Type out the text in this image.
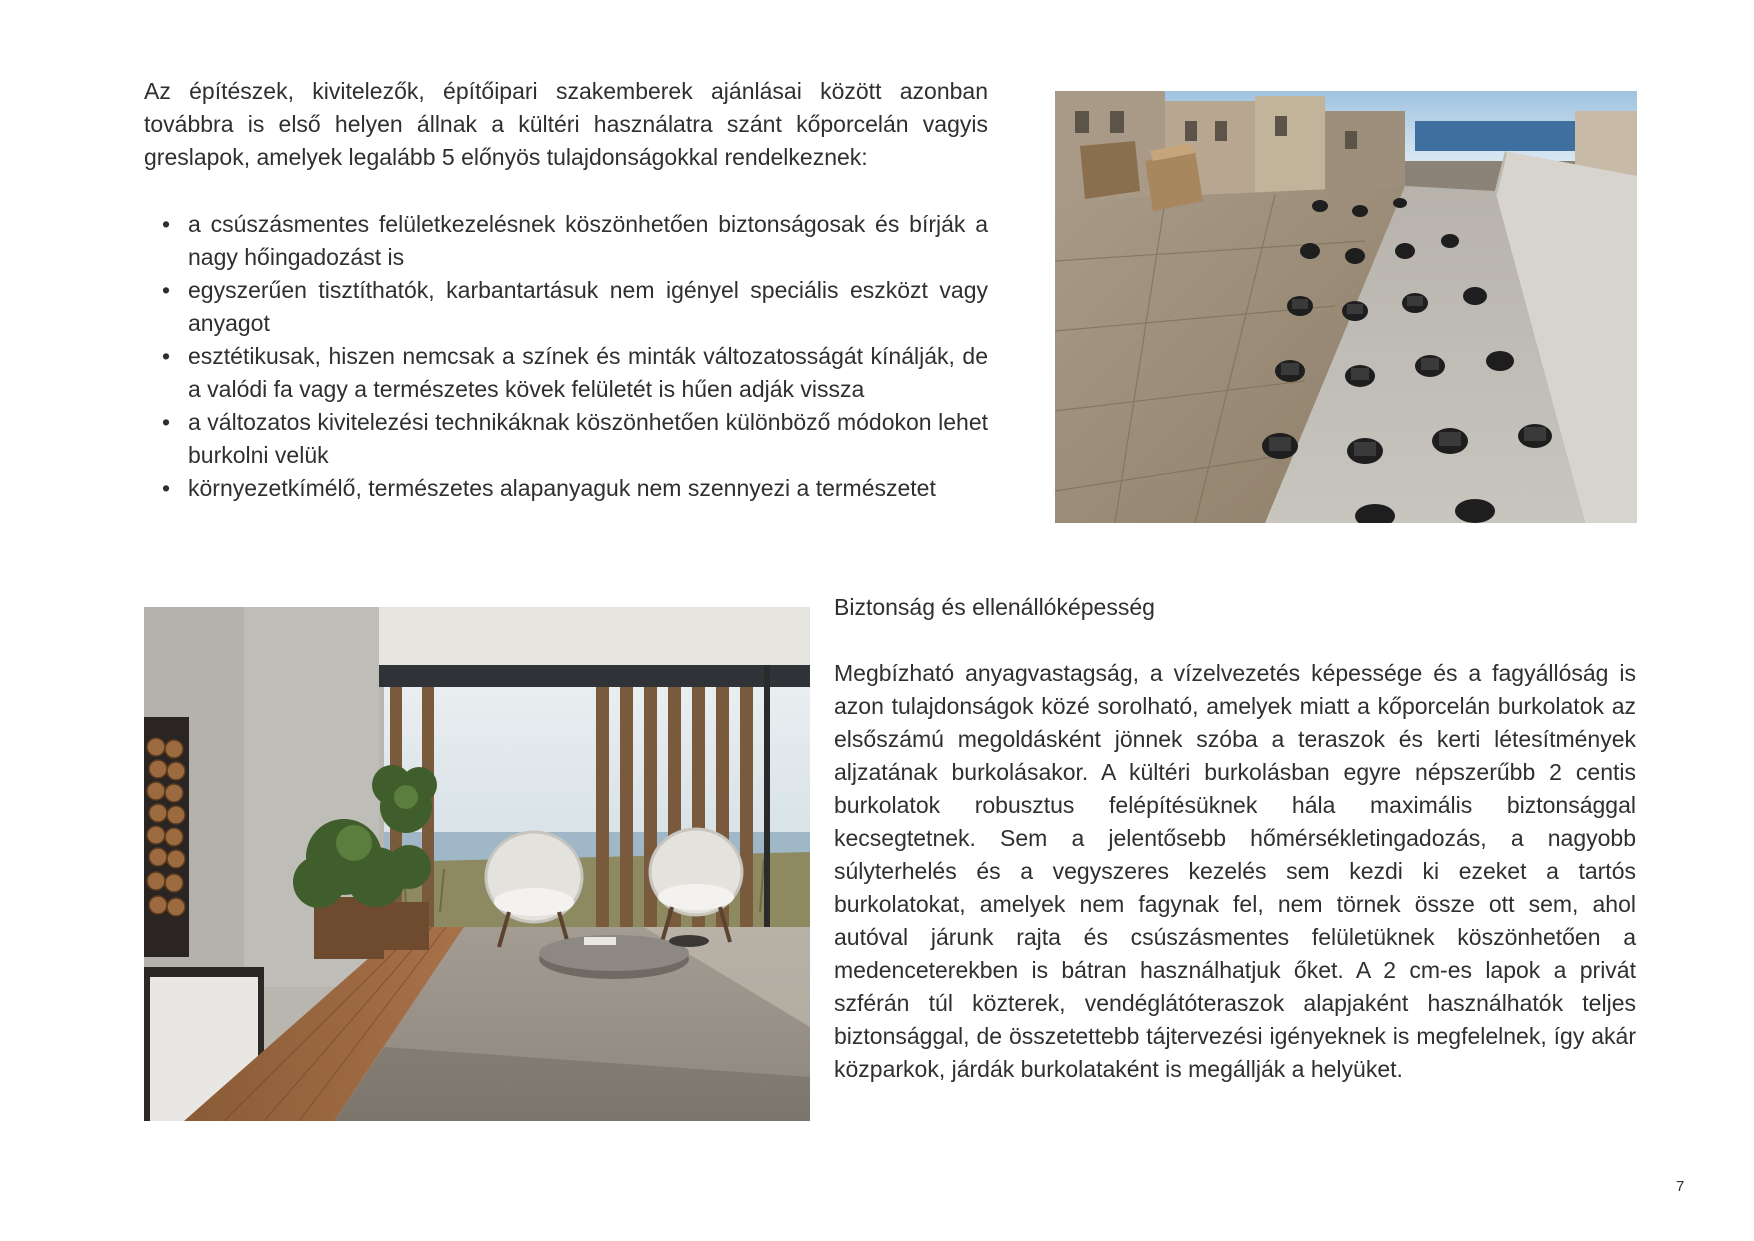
Az építészek, kivitelezők, építőipari szakemberek ajánlásai között azonban továbbra is első helyen állnak a kültéri használatra szánt kőporcelán vagyis greslapok, amelyek legalább 5 előnyös tulajdonságokkal rendelkeznek:

• a csúszásmentes felületkezelésnek köszönhetően biztonságosak és bírják a nagy hőingadozást is
• egyszerűen tisztíthatók, karbantartásuk nem igényel speciális eszközt vagy anyagot
• esztétikusak, hiszen nemcsak a színek és minták változatosságát kínálják, de a valódi fa vagy a természetes kövek felületét is hűen adják vissza
• a változatos kivitelezési technikáknak köszönhetően különböző módokon lehet burkolni velük
• környezetkímélő, természetes alapanyaguk nem szennyezi a természetet
Biztonság és ellenállóképesség

Megbízható anyagvastagság, a vízelvezetés képessége és a fagyállóság is azon tulajdonságok közé sorolható, amelyek miatt a kőporcelán burkolatok az elsőszámú megoldásként jönnek szóba a teraszok és kerti létesítmények aljzatának burkolásakor. A kültéri burkolásban egyre népszerűbb 2 centis burkolatok robusztus felépítésüknek hála maximális biztonsággal kecsegtetnek. Sem a jelentősebb hőmérsékletingadozás, a nagyobb súlyterhelés és a vegyszeres kezelés sem kezdi ki ezeket a tartós burkolatokat, amelyek nem fagynak fel, nem törnek össze ott sem, ahol autóval járunk rajta és csúszásmentes felületüknek köszönhetően a medenceterekben is bátran használhatjuk őket. A 2 cm-es lapok a privát szférán túl közterek, vendéglátóteraszok alapjaként használhatók teljes biztonsággal, de összetettebb tájtervezési igényeknek is megfelelnek, így akár közparkok, járdák burkolataként is megállják a helyüket.

7
